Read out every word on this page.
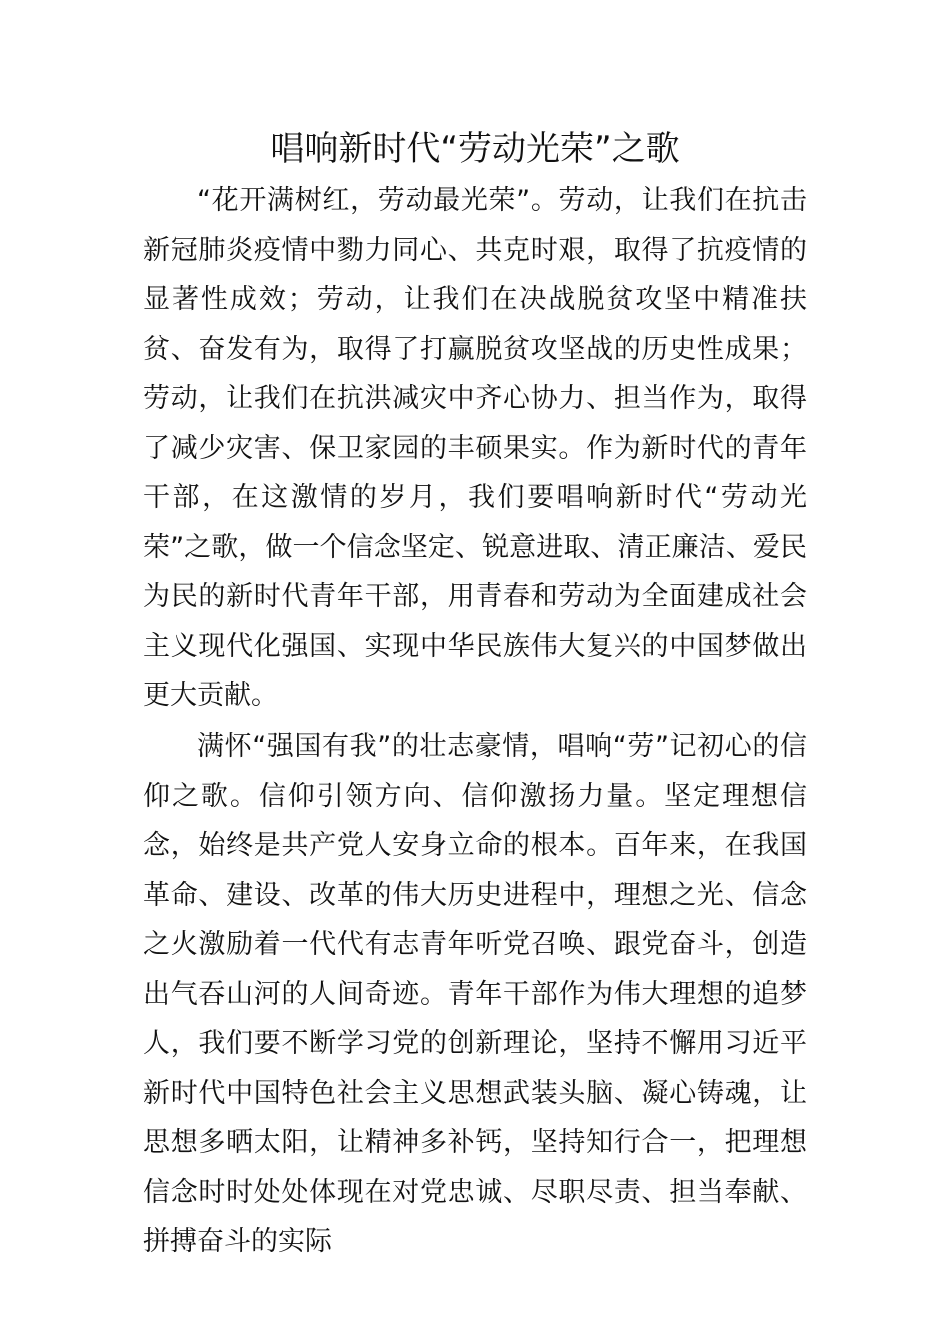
唱响新时代“劳动光荣”之歌

“花开满树红，劳动最光荣”。劳动，让我们在抗击新冠肺炎疫情中勠力同心、共克时艰，取得了抗疫情的显著性成效；劳动，让我们在决战脱贫攻坚中精准扶贫、奋发有为，取得了打赢脱贫攻坚战的历史性成果；劳动，让我们在抗洪减灾中齐心协力、担当作为，取得了减少灾害、保卫家园的丰硕果实。作为新时代的青年干部，在这激情的岁月，我们要唱响新时代“劳动光荣”之歌，做一个信念坚定、锐意进取、清正廉洁、爱民为民的新时代青年干部，用青春和劳动为全面建成社会主义现代化强国、实现中华民族伟大复兴的中国梦做出更大贡献。

满怀“强国有我”的壮志豪情，唱响“劳”记初心的信仰之歌。信仰引领方向、信仰激扬力量。坚定理想信念，始终是共产党人安身立命的根本。百年来，在我国革命、建设、改革的伟大历史进程中，理想之光、信念之火激励着一代代有志青年听党召唤、跟党奋斗，创造出气吞山河的人间奇迹。青年干部作为伟大理想的追梦人，我们要不断学习党的创新理论，坚持不懈用习近平新时代中国特色社会主义思想武装头脑、凝心铸魂，让思想多晒太阳，让精神多补钙，坚持知行合一，把理想信念时时处处体现在对党忠诚、尽职尽责、担当奉献、拼搏奋斗的实际
